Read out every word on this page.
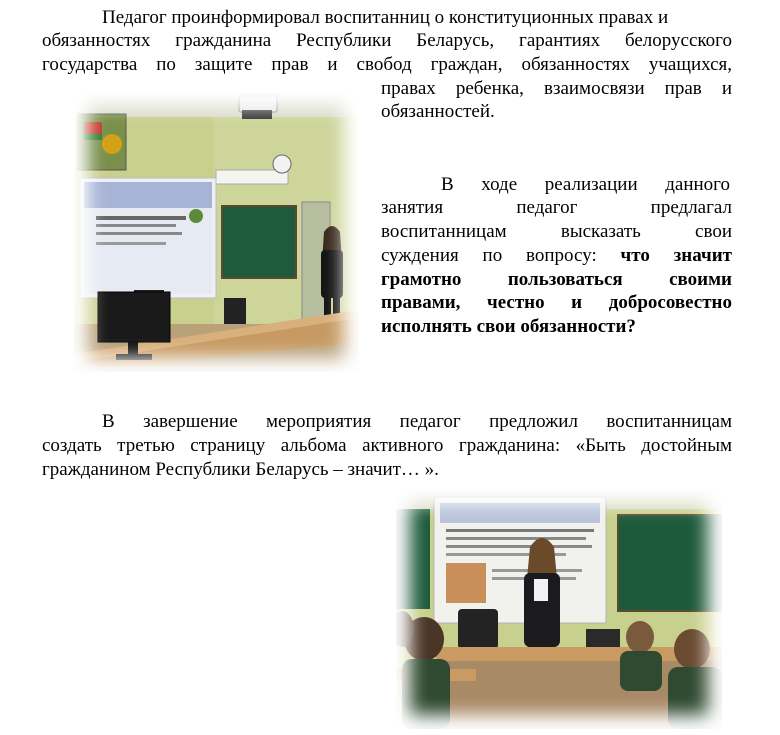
Педагог проинформировал воспитанниц о конституционных правах и
обязанностях гражданина Республики Беларусь, гарантиях белорусского
государства по защите прав и свобод граждан, обязанностях учащихся,
правах ребенка, взаимосвязи прав и
обязанностей.
В ходе реализации данного
занятия педагог предлагал
воспитанницам высказать свои
суждения по вопросу: что значит
грамотно пользоваться своими
правами, честно и добросовестно
исполнять свои обязанности?
В завершение мероприятия педагог предложил воспитанницам
создать третью страницу альбома активного гражданина: «Быть достойным
гражданином Республики Беларусь – значит… ».
